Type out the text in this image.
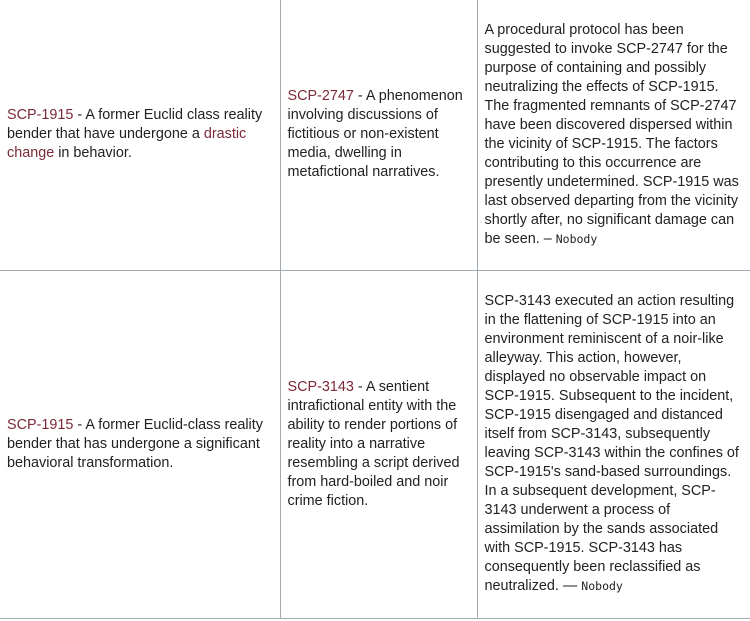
SCP-1915 - A former Euclid class reality bender that have undergone a drastic change in behavior.	SCP-2747 - A phenomenon involving discussions of fictitious or non-existent media, dwelling in metafictional narratives.	A procedural protocol has been suggested to invoke SCP-2747 for the purpose of containing and possibly neutralizing the effects of SCP-1915. The fragmented remnants of SCP-2747 have been discovered dispersed within the vicinity of SCP-1915. The factors contributing to this occurrence are presently undetermined. SCP-1915 was last observed departing from the vicinity shortly after, no significant damage can be seen. – Nobody
SCP-1915 - A former Euclid-class reality bender that has undergone a significant behavioral transformation.	SCP-3143 - A sentient intrafictional entity with the ability to render portions of reality into a narrative resembling a script derived from hard-boiled and noir crime fiction.	SCP-3143 executed an action resulting in the flattening of SCP-1915 into an environment reminiscent of a noir-like alleyway. This action, however, displayed no observable impact on SCP-1915. Subsequent to the incident, SCP-1915 disengaged and distanced itself from SCP-3143, subsequently leaving SCP-3143 within the confines of SCP-1915's sand-based surroundings. In a subsequent development, SCP-3143 underwent a process of assimilation by the sands associated with SCP-1915. SCP-3143 has consequently been reclassified as neutralized. — Nobody
